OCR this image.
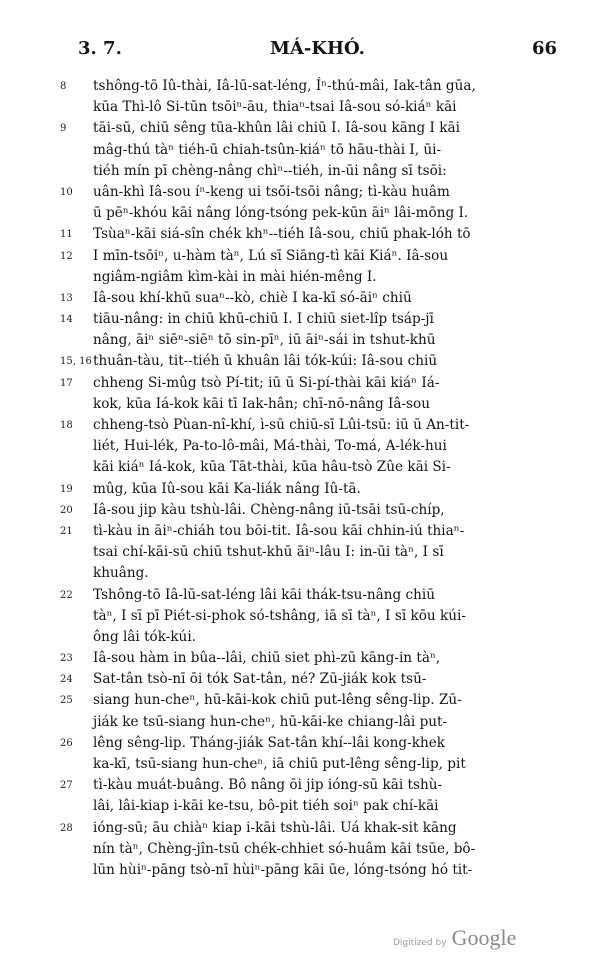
3. 7.	MÁ-KHÓ.	66
8	tshông-tō Iû-thài, Iâ-lū-sat-léng, Íⁿ-thú-mâi, Iak-tân gūa,
kūa Thì-lô Si-tūn tsōiⁿ-āu, thiaⁿ-tsai Iâ-sou só-kiáⁿ kāi
9	tāi-sū, chiū sêng tūa-khûn lâi chiū I. Iâ-sou kāng I kāi
mâg-thú tàⁿ tiéh-ū chiah-tsûn-kiáⁿ tō hāu-thài I, ūi-
tiéh mín pī chèng-nâng chìⁿ--tiéh, in-ūi nâng sī tsōi:
10	uân-khì Iâ-sou íⁿ-keng ui tsōi-tsōi nâng; tì-kàu huâm
ū pēⁿ-khóu kāi nâng lóng-tsóng pek-kūn āiⁿ lâi-mōng I.
11	Tsùaⁿ-kāi siá-sîn chék khⁿ--tiéh Iâ-sou, chiū phak-lóh tō
12	I mīn-tsōiⁿ, u-hàm tàⁿ, Lú sī Siāng-tì kāi Kiáⁿ. Iâ-sou
ngiâm-ngiâm kìm-kài in mài hién-mêng I.
13	Iâ-sou khí-khū suaⁿ--kò, chiè I ka-kī só-āiⁿ chiū
14	tiāu-nâng: in chiū khū-chiū I. I chiū siet-lîp tsáp-jī
nâng, āiⁿ siēⁿ-siēⁿ tō sin-pīⁿ, iū āiⁿ-sái in tshut-khū
15, 16 thuân-tàu, tit--tiéh ū khuân lâi tók-kúi: Iâ-sou chiū
17	chheng Si-mûg tsò Pí-tit; iū ū Si-pí-thài kāi kiáⁿ Iá-
kok, kūa Iá-kok kāi tī Iak-hân; chī-nō-nâng Iâ-sou
18	chheng-tsò Pùan-nî-khí, ì-sū chiū-sī Lûi-tsū: iū ū An-tit-
liét, Hui-lék, Pa-to-lô-mâi, Má-thài, To-má, A-lék-hui
kāi kiáⁿ Iá-kok, kūa Tāt-thài, kūa hâu-tsò Zûe kāi Si-
19	mûg, kūa Iû-sou kāi Ka-liák nâng Iû-tā.
20	Iâ-sou jip kàu tshù-lâi. Chèng-nâng iū-tsāi tsū-chíp,
21	tì-kàu in āiⁿ-chiáh tou bōi-tit. Iâ-sou kāi chhin-iú thiaⁿ-
tsai chí-kāi-sū chiū tshut-khū āiⁿ-lâu I: in-ūi tàⁿ, I sī
khuâng.
22	Tshông-tō Iâ-lū-sat-léng lâi kāi thák-tsu-nâng chiū
tàⁿ, I sī pī Piét-si-phok só-tshâng, iā sī tàⁿ, I sī kōu kúi-
ông lâi tók-kúi.
23	Iâ-sou hàm in bûa--lâi, chiū siet phì-zū kāng-in tàⁿ,
24	Sat-tân tsò-nī ōi tók Sat-tân, né? Zū-jiák kok tsū-
25	siang hun-cheⁿ, hū-kāi-kok chiū put-lêng sêng-lip. Zū-
jiák ke tsū-siang hun-cheⁿ, hū-kāi-ke chiang-lâi put-
26	lêng sêng-lip. Tháng-jiák Sat-tân khí--lâi kong-khek
ka-kī, tsū-siang hun-cheⁿ, iā chiū put-lêng sêng-lip, pit
27	tì-kàu muát-buâng. Bô nâng ōi jip ióng-sū kāi tshù-
lâi, lâi-kiap i-kāi ke-tsu, bô-pit tiéh soiⁿ pak chí-kāi
28	ióng-sū; āu chiàⁿ kiap i-kāi tshù-lâi. Uá khak-sit kāng
nín tàⁿ, Chèng-jîn-tsū chék-chhiet só-huâm kāi tsūe, bô-
lūn hùiⁿ-pāng tsò-nī hùiⁿ-pāng kāi ūe, lóng-tsóng hó tit-
Digitized by Google
